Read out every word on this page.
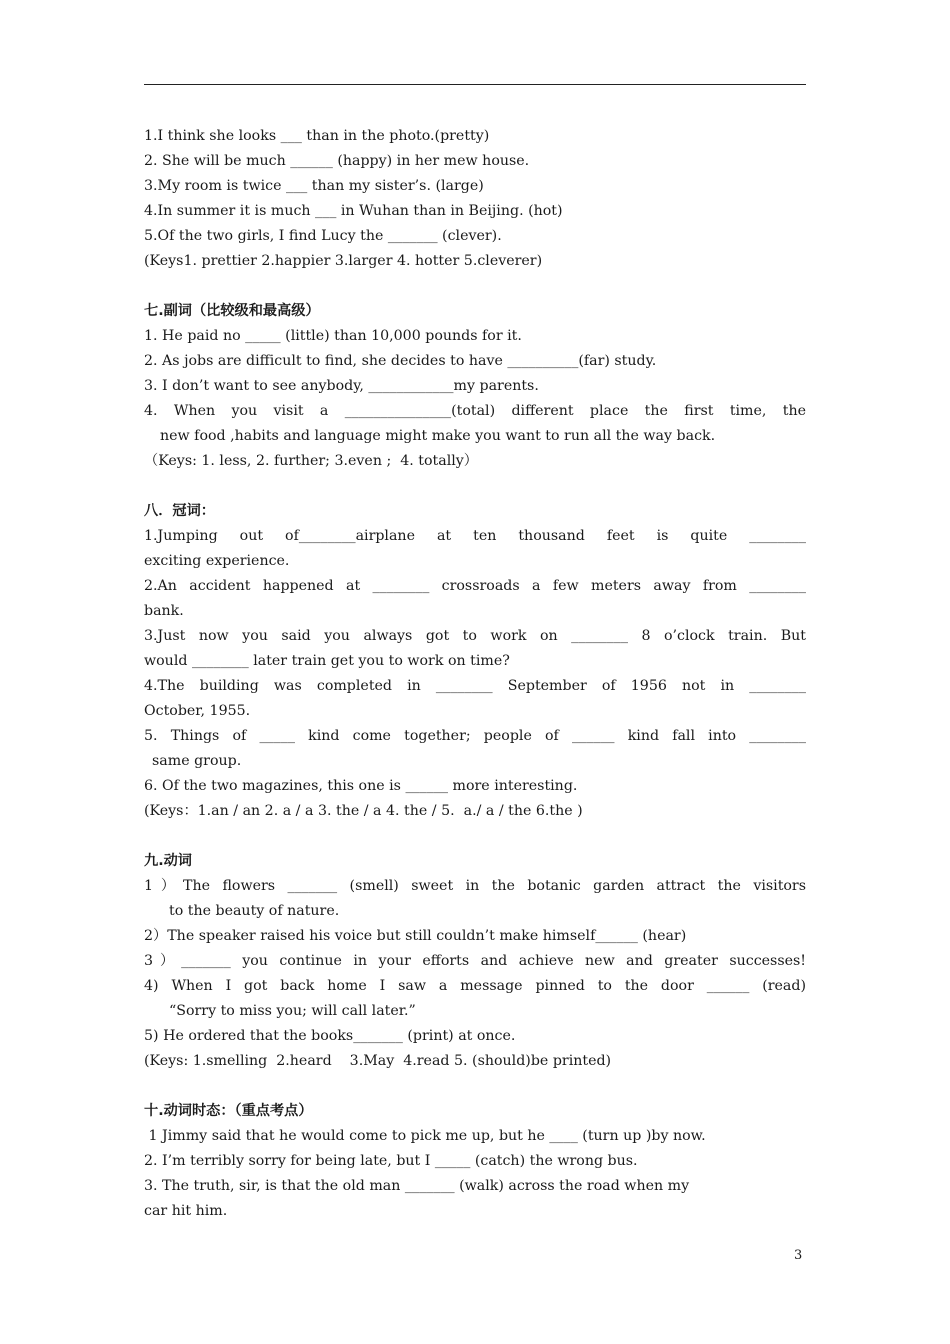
1.I think she looks ___ than in the photo.(pretty)
2. She will be much ______ (happy) in her mew house.
3.My room is twice ___ than my sister’s. (large)
4.In summer it is much ___ in Wuhan than in Beijing. (hot)
5.Of the two girls, I find Lucy the _______ (clever).
(Keys1. prettier 2.happier 3.larger 4. hotter 5.cleverer)
七.副词（比较级和最高级）
1. He paid no _____ (little) than 10,000 pounds for it.
2. As jobs are difficult to find, she decides to have __________(far) study.
3. I don’t want to see anybody, ____________my parents.
4. When you visit a _______________(total) different place the first time, the
new food ,habits and language might make you want to run all the way back.
（Keys: 1. less, 2. further; 3.even ;  4. totally）
八．冠词：
1.Jumping out of________airplane at ten thousand feet is quite ________
exciting experience.
2.An accident happened at ________ crossroads a few meters away from ________
bank.
3.Just now you said you always got to work on ________ 8 o’clock train. But
would ________ later train get you to work on time?
4.The building was completed in ________ September of 1956 not in ________
October, 1955.
5. Things of _____ kind come together; people of ______ kind fall into ________
same group.
6. Of the two magazines, this one is ______ more interesting.
(Keys：1.an / an 2. a / a 3. the / a 4. the / 5.  a./ a / the 6.the )
九.动词
1）The flowers _______ (smell) sweet in the botanic garden attract the visitors
to the beauty of nature.
2）The speaker raised his voice but still couldn’t make himself______ (hear)
3）_______ you continue in your efforts and achieve new and greater successes!
4) When I got back home I saw a message pinned to the door ______ (read)
“Sorry to miss you; will call later.”
5) He ordered that the books_______ (print) at once.
(Keys: 1.smelling  2.heard    3.May  4.read 5. (should)be printed)
十.动词时态：（重点考点）
1 Jimmy said that he would come to pick me up, but he ____ (turn up )by now.
2. I’m terribly sorry for being late, but I _____ (catch) the wrong bus.
3. The truth, sir, is that the old man _______ (walk) across the road when my
car hit him.
3
